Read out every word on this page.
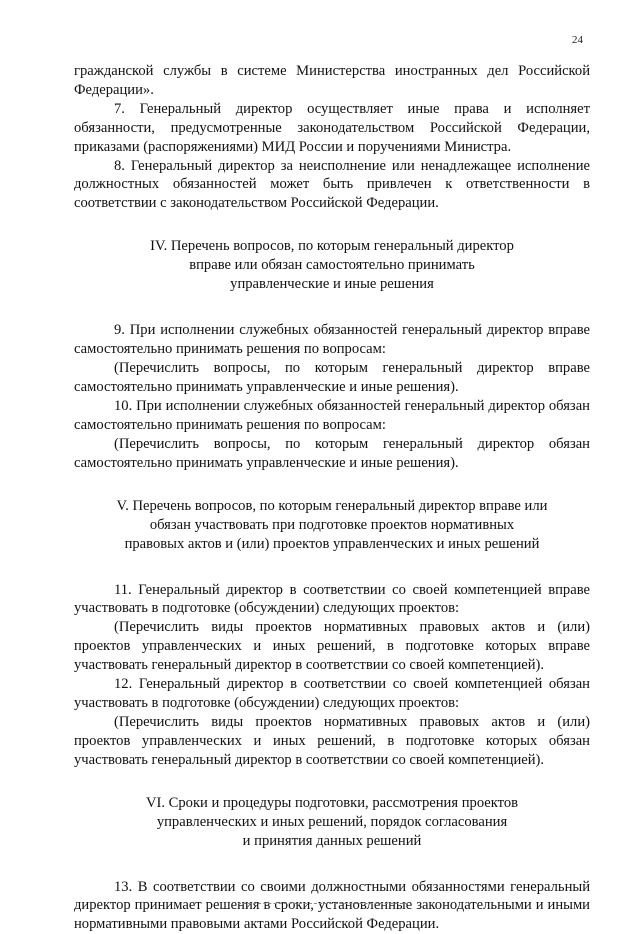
24

гражданской службы в системе Министерства иностранных дел Российской Федерации».

7. Генеральный директор осуществляет иные права и исполняет обязанности, предусмотренные законодательством Российской Федерации, приказами (распоряжениями) МИД России и поручениями Министра.

8. Генеральный директор за неисполнение или ненадлежащее исполнение должностных обязанностей может быть привлечен к ответственности в соответствии с законодательством Российской Федерации.

IV. Перечень вопросов, по которым генеральный директор
вправе или обязан самостоятельно принимать
управленческие и иные решения

9. При исполнении служебных обязанностей генеральный директор вправе самостоятельно принимать решения по вопросам:

(Перечислить вопросы, по которым генеральный директор вправе самостоятельно принимать управленческие и иные решения).

10. При исполнении служебных обязанностей генеральный директор обязан самостоятельно принимать решения по вопросам:

(Перечислить вопросы, по которым генеральный директор обязан самостоятельно принимать управленческие и иные решения).

V. Перечень вопросов, по которым генеральный директор вправе или
обязан участвовать при подготовке проектов нормативных
правовых актов и (или) проектов управленческих и иных решений

11. Генеральный директор в соответствии со своей компетенцией вправе участвовать в подготовке (обсуждении) следующих проектов:

(Перечислить виды проектов нормативных правовых актов и (или) проектов управленческих и иных решений, в подготовке которых вправе участвовать генеральный директор в соответствии со своей компетенцией).

12. Генеральный директор в соответствии со своей компетенцией обязан участвовать в подготовке (обсуждении) следующих проектов:

(Перечислить виды проектов нормативных правовых актов и (или) проектов управленческих и иных решений, в подготовке которых обязан участвовать генеральный директор в соответствии со своей компетенцией).

VI. Сроки и процедуры подготовки, рассмотрения проектов
управленческих и иных решений, порядок согласования
и принятия данных решений

13. В соответствии со своими должностными обязанностями генеральный директор принимает решения в сроки, установленные законодательными и иными нормативными правовыми актами Российской Федерации.
